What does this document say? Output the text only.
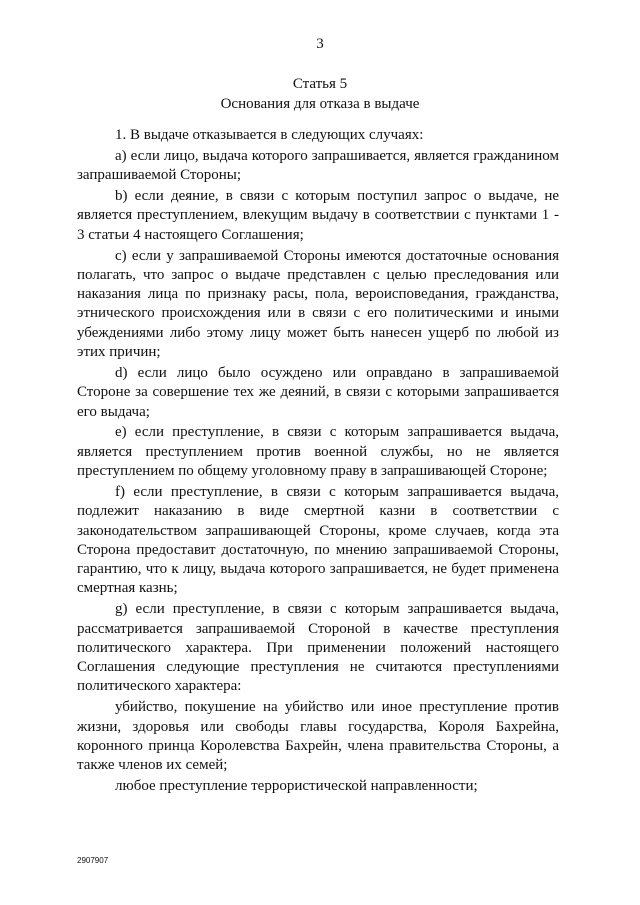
3
Статья 5
Основания для отказа в выдаче

1. В выдаче отказывается в следующих случаях:

a) если лицо, выдача которого запрашивается, является гражданином запрашиваемой Стороны;

b) если деяние, в связи с которым поступил запрос о выдаче, не является преступлением, влекущим выдачу в соответствии с пунктами 1 - 3 статьи 4 настоящего Соглашения;

c) если у запрашиваемой Стороны имеются достаточные основания полагать, что запрос о выдаче представлен с целью преследования или наказания лица по признаку расы, пола, вероисповедания, гражданства, этнического происхождения или в связи с его политическими и иными убеждениями либо этому лицу может быть нанесен ущерб по любой из этих причин;

d) если лицо было осуждено или оправдано в запрашиваемой Стороне за совершение тех же деяний, в связи с которыми запрашивается его выдача;

e) если преступление, в связи с которым запрашивается выдача, является преступлением против военной службы, но не является преступлением по общему уголовному праву в запрашивающей Стороне;

f) если преступление, в связи с которым запрашивается выдача, подлежит наказанию в виде смертной казни в соответствии с законодательством запрашивающей Стороны, кроме случаев, когда эта Сторона предоставит достаточную, по мнению запрашиваемой Стороны, гарантию, что к лицу, выдача которого запрашивается, не будет применена смертная казнь;

g) если преступление, в связи с которым запрашивается выдача, рассматривается запрашиваемой Стороной в качестве преступления политического характера. При применении положений настоящего Соглашения следующие преступления не считаются преступлениями политического характера:

убийство, покушение на убийство или иное преступление против жизни, здоровья или свободы главы государства, Короля Бахрейна, коронного принца Королевства Бахрейн, члена правительства Стороны, а также членов их семей;

любое преступление террористической направленности;

2907907
